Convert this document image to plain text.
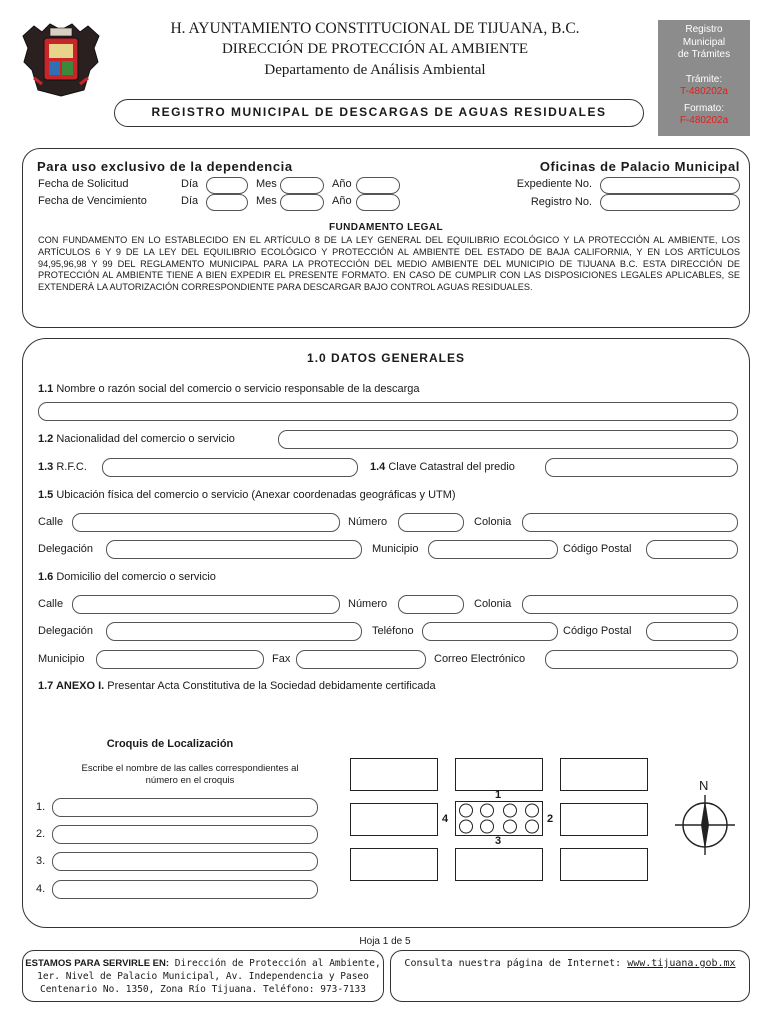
H. AYUNTAMIENTO CONSTITUCIONAL DE TIJUANA, B.C.
DIRECCIÓN DE PROTECCIÓN AL AMBIENTE
Departamento de Análisis Ambiental
REGISTRO MUNICIPAL DE DESCARGAS DE AGUAS RESIDUALES
Registro
Municipal
de Trámites
Trámite:
T-480202a
Formato:
F-480202a
Para uso exclusivo de la dependencia	Oficinas de Palacio Municipal
Fecha de Solicitud	Día	Mes	Año
Fecha de Vencimiento	Día	Mes	Año
Expediente No.
Registro No.
FUNDAMENTO LEGAL
CON FUNDAMENTO EN LO ESTABLECIDO EN EL ARTÍCULO 8 DE LA LEY GENERAL DEL EQUILIBRIO ECOLÓGICO Y LA PROTECCIÓN AL AMBIENTE, LOS ARTÍCULOS 6 Y 9 DE LA LEY DEL EQUILIBRIO ECOLÓGICO Y PROTECCIÓN AL AMBIENTE DEL ESTADO DE BAJA CALIFORNIA, Y EN LOS ARTÍCULOS 94,95,96,98 Y 99 DEL REGLAMENTO MUNICIPAL PARA LA PROTECCIÓN DEL MEDIO AMBIENTE DEL MUNICIPIO DE TIJUANA B.C. ESTA DIRECCIÓN DE PROTECCIÓN AL AMBIENTE TIENE A BIEN EXPEDIR EL PRESENTE FORMATO. EN CASO DE CUMPLIR CON LAS DISPOSICIONES LEGALES APLICABLES, SE EXTENDERÁ LA AUTORIZACIÓN CORRESPONDIENTE PARA DESCARGAR BAJO CONTROL AGUAS RESIDUALES.
1.0 DATOS GENERALES
1.1 Nombre o razón social del comercio o servicio responsable de la descarga
1.2 Nacionalidad del comercio o servicio
1.3 R.F.C.	1.4 Clave Catastral del predio
1.5 Ubicación física del comercio o servicio (Anexar coordenadas geográficas y UTM)
Calle	Número	Colonia
Delegación	Municipio	Código Postal
1.6 Domicilio del comercio o servicio
Calle	Número	Colonia
Delegación	Teléfono	Código Postal
Municipio	Fax	Correo Electrónico
1.7 ANEXO I. Presentar Acta Constitutiva de la Sociedad debidamente certificada
Croquis de Localización
Escribe el nombre de las calles correspondientes al
número en el croquis
1.
2.
3.
4.
1
2
3
4
N
Hoja 1 de 5
ESTAMOS PARA SERVIRLE EN: Dirección de Protección al Ambiente,
1er. Nivel de Palacio Municipal, Av. Independencia y Paseo
Centenario No. 1350, Zona Río Tijuana. Teléfono: 973-7133
Consulta nuestra página de Internet: www.tijuana.gob.mx
